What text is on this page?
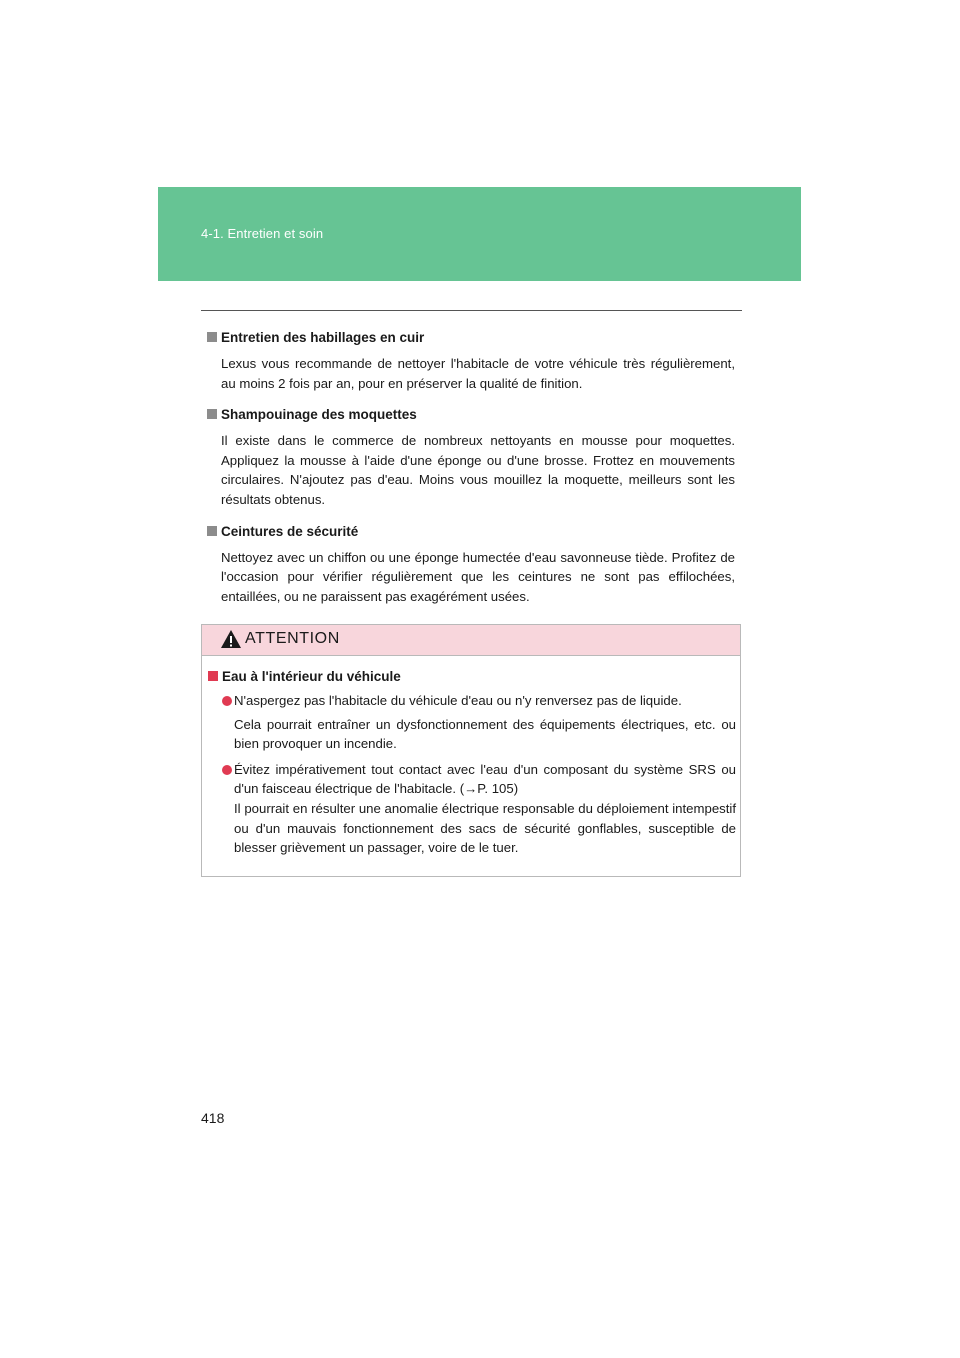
4-1. Entretien et soin
Entretien des habillages en cuir

Lexus vous recommande de nettoyer l'habitacle de votre véhicule très régulièrement, au moins 2 fois par an, pour en préserver la qualité de finition.

Shampouinage des moquettes

Il existe dans le commerce de nombreux nettoyants en mousse pour moquettes. Appliquez la mousse à l'aide d'une éponge ou d'une brosse. Frottez en mouvements circulaires. N'ajoutez pas d'eau. Moins vous mouillez la moquette, meilleurs sont les résultats obtenus.

Ceintures de sécurité

Nettoyez avec un chiffon ou une éponge humectée d'eau savonneuse tiède. Profitez de l'occasion pour vérifier régulièrement que les ceintures ne sont pas effilochées, entaillées, ou ne paraissent pas exagérément usées.

ATTENTION
Eau à l'intérieur du véhicule
N'aspergez pas l'habitacle du véhicule d'eau ou n'y renversez pas de liquide.

Cela pourrait entraîner un dysfonctionnement des équipements électriques, etc. ou bien provoquer un incendie.

Évitez impérativement tout contact avec l'eau d'un composant du système SRS ou d'un faisceau électrique de l'habitacle. (→P. 105)

Il pourrait en résulter une anomalie électrique responsable du déploiement intempestif ou d'un mauvais fonctionnement des sacs de sécurité gonflables, susceptible de blesser grièvement un passager, voire de le tuer.

418
